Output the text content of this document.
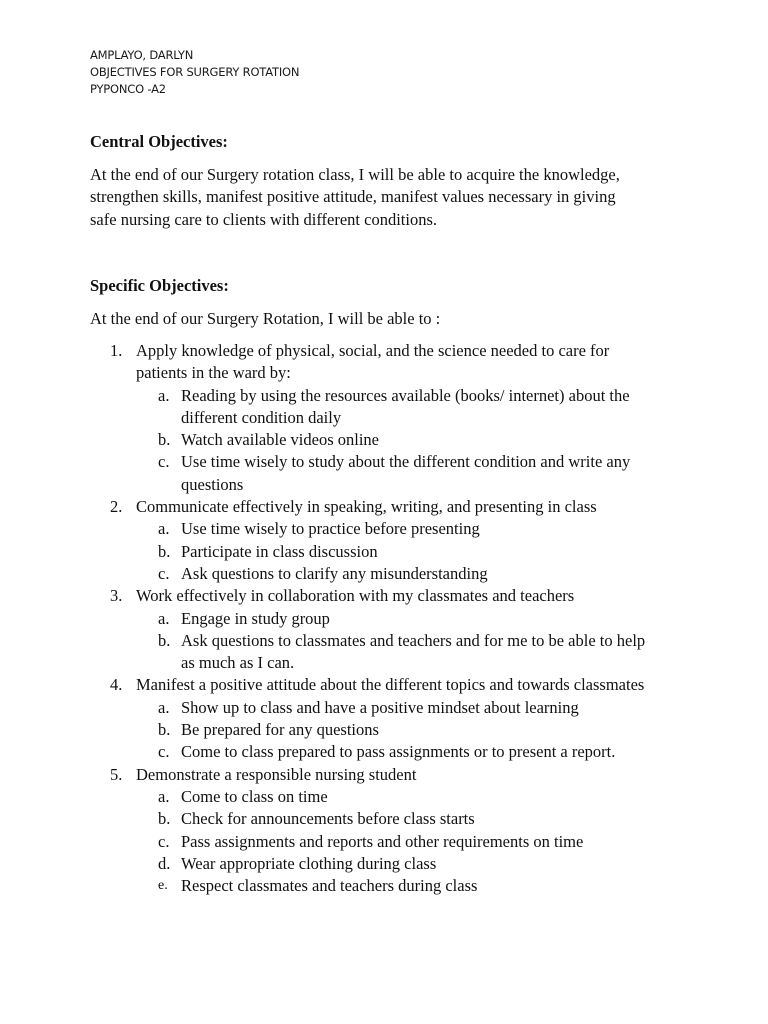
AMPLAYO, DARLYN
OBJECTIVES FOR SURGERY ROTATION
PYPONCO -A2
Central Objectives:
At the end of our Surgery rotation class, I will be able to acquire the knowledge,
strengthen skills, manifest positive attitude, manifest values necessary in giving
safe nursing care to clients with different conditions.
Specific Objectives:
At the end of our Surgery Rotation, I will be able to :
1. Apply knowledge of physical, social, and the science needed to care for
patients in the ward by:
a. Reading by using the resources available (books/ internet) about the
different condition daily
b. Watch available videos online
c. Use time wisely to study about the different condition and write any
questions
2. Communicate effectively in speaking, writing, and presenting in class
a. Use time wisely to practice before presenting
b. Participate in class discussion
c. Ask questions to clarify any misunderstanding
3. Work effectively in collaboration with my classmates and teachers
a. Engage in study group
b. Ask questions to classmates and teachers and for me to be able to help
as much as I can.
4. Manifest a positive attitude about the different topics and towards classmates
a. Show up to class and have a positive mindset about learning
b. Be prepared for any questions
c. Come to class prepared to pass assignments or to present a report.
5. Demonstrate a responsible nursing student
a. Come to class on time
b. Check for announcements before class starts
c. Pass assignments and reports and other requirements on time
d. Wear appropriate clothing during class
e. Respect classmates and teachers during class
